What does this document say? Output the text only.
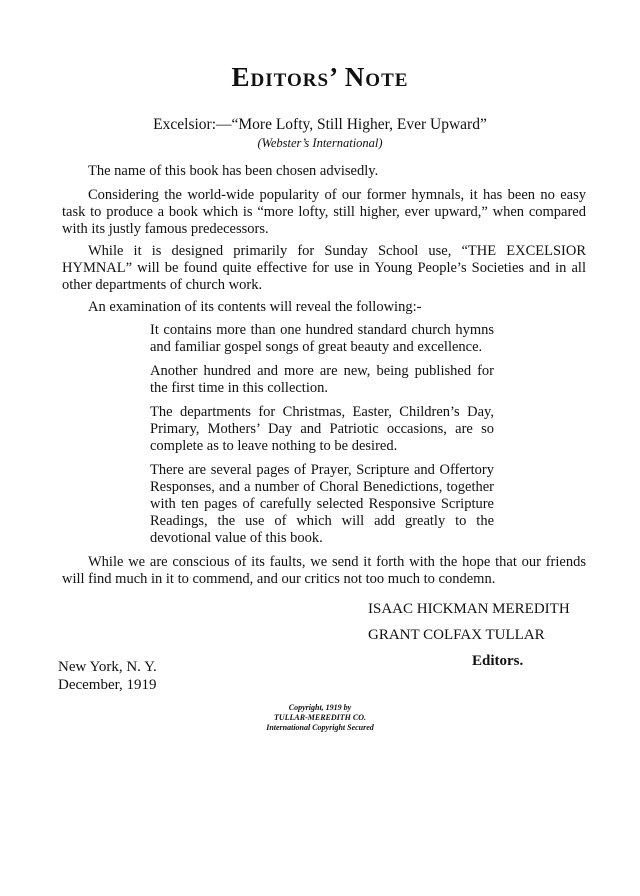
Editors’ Note
Excelsior:—“More Lofty, Still Higher, Ever Upward”
(Webster’s International)

The name of this book has been chosen advisedly.

Considering the world-wide popularity of our former hymnals, it has been no easy task to produce a book which is “more lofty, still higher, ever upward,” when compared with its justly famous predecessors.

While it is designed primarily for Sunday School use, “THE EXCELSIOR HYMNAL” will be found quite effective for use in Young People’s Societies and in all other departments of church work.

An examination of its contents will reveal the following:-

It contains more than one hundred standard church hymns and familiar gospel songs of great beauty and excellence.
Another hundred and more are new, being published for the first time in this collection.
The departments for Christmas, Easter, Children’s Day, Primary, Mothers’ Day and Patriotic occasions, are so complete as to leave nothing to be desired.
There are several pages of Prayer, Scripture and Offertory Responses, and a number of Choral Benedictions, together with ten pages of carefully selected Responsive Scripture Readings, the use of which will add greatly to the devotional value of this book.

While we are conscious of its faults, we send it forth with the hope that our friends will find much in it to commend, and our critics not too much to condemn.

ISAAC HICKMAN MEREDITH
GRANT COLFAX TULLAR
Editors.
New York, N. Y.
December, 1919
Copyright, 1919 by
TULLAR-MEREDITH CO.
International Copyright Secured
